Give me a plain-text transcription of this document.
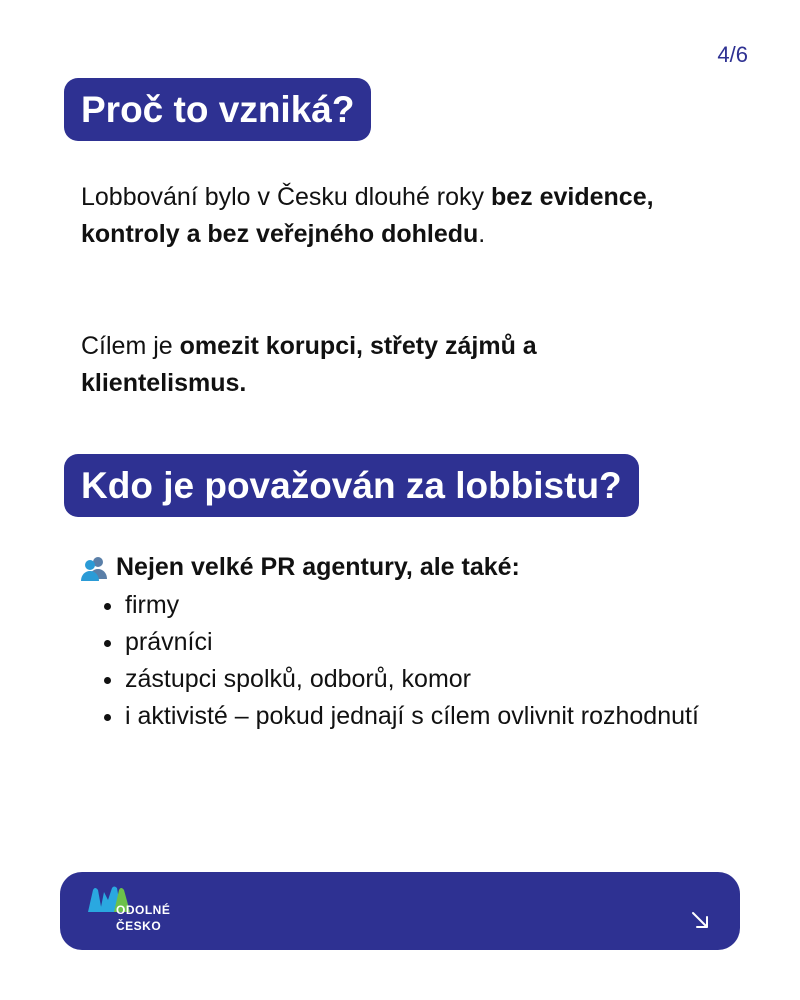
4/6
Proč to vzniká?

Lobbování bylo v Česku dlouhé roky bez evidence, kontroly a bez veřejného dohledu.

Cílem je omezit korupci, střety zájmů a klientelismus.

Kdo je považován za lobbistu?
Nejen velké PR agentury, ale také:
• firmy
• právníci
• zástupci spolků, odborů, komor
• i aktivisté – pokud jednají s cílem ovlivnit rozhodnutí
ODOLNÉ
ČESKO
